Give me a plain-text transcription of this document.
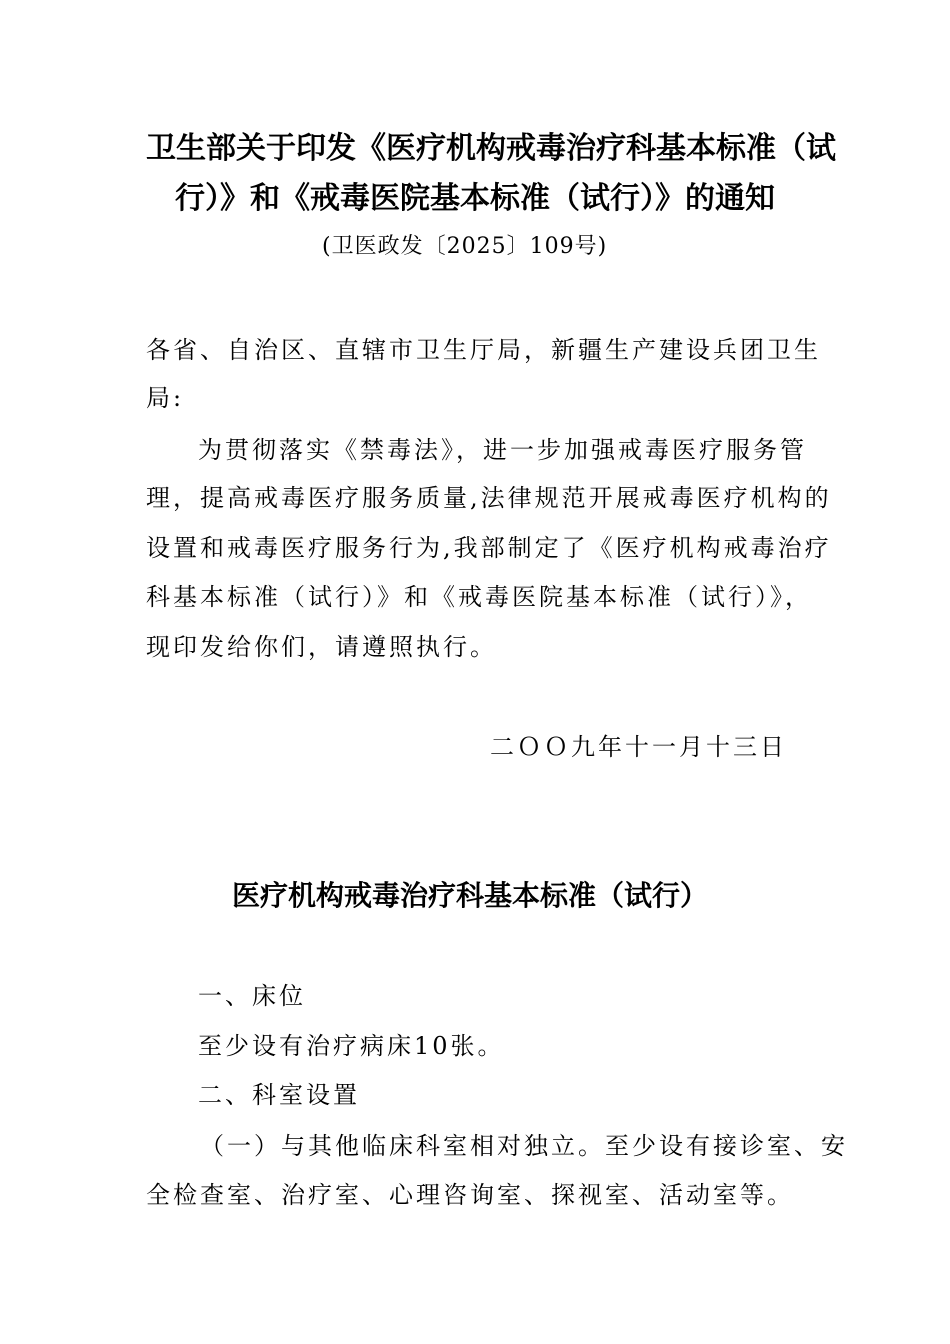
卫生部关于印发《医疗机构戒毒治疗科基本标准（试
行）》和《戒毒医院基本标准（试行）》的通知
(卫医政发〔2025〕109号)
各省、自治区、直辖市卫生厅局，新疆生产建设兵团卫生
局:
为贯彻落实《禁毒法》，进一步加强戒毒医疗服务管
理，提高戒毒医疗服务质量,法律规范开展戒毒医疗机构的
设置和戒毒医疗服务行为,我部制定了《医疗机构戒毒治疗
科基本标准（试行）》和《戒毒医院基本标准（试行）》，
现印发给你们，请遵照执行。
二ＯＯ九年十一月十三日
医疗机构戒毒治疗科基本标准（试行）
一、床位
至少设有治疗病床10张。
二、科室设置
（一）与其他临床科室相对独立。至少设有接诊室、安
全检查室、治疗室、心理咨询室、探视室、活动室等。
